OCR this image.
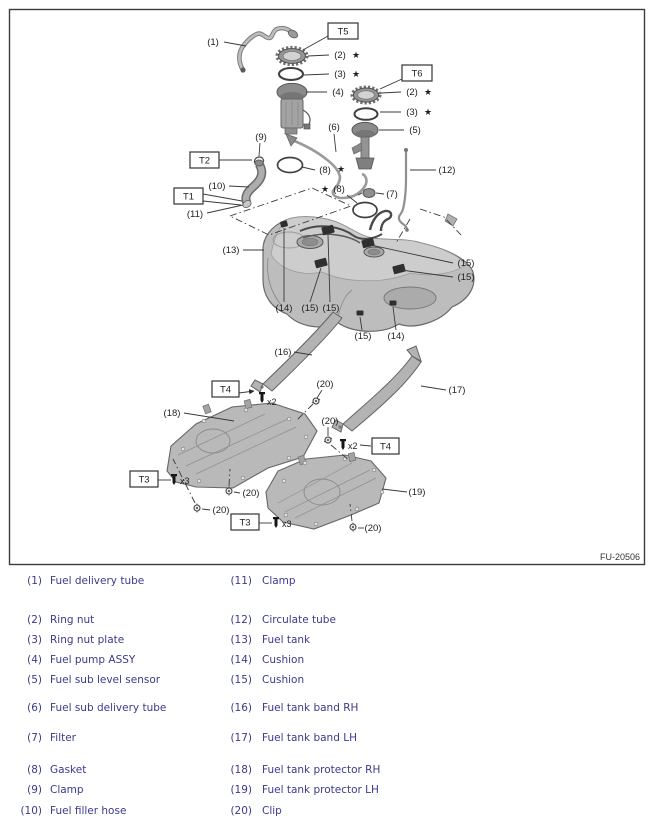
T5
T6
T2
T1
T4
T4
T3
T3
(1)
(2) ★
(3) ★
(4)	(2) ★
(3) ★
(5)
(9)
(6)
(10)
(11)
(8) ★
★ (8)	(7)
(12)
(13)
(14) (15) (15)
(15)
(15)
(15) (14)
(16)
(17)
(18)
(19)
(20)
(20)
(20)
(20)
(20)
x2
x2
x3
x3
FU-20506
(1) Fuel delivery tube	(11) Clamp
(2) Ring nut	(12) Circulate tube
(3) Ring nut plate	(13) Fuel tank
(4) Fuel pump ASSY	(14) Cushion
(5) Fuel sub level sensor	(15) Cushion
(6) Fuel sub delivery tube	(16) Fuel tank band RH
(7) Filter	(17) Fuel tank band LH
(8) Gasket	(18) Fuel tank protector RH
(9) Clamp	(19) Fuel tank protector LH
(10) Fuel filler hose	(20) Clip
